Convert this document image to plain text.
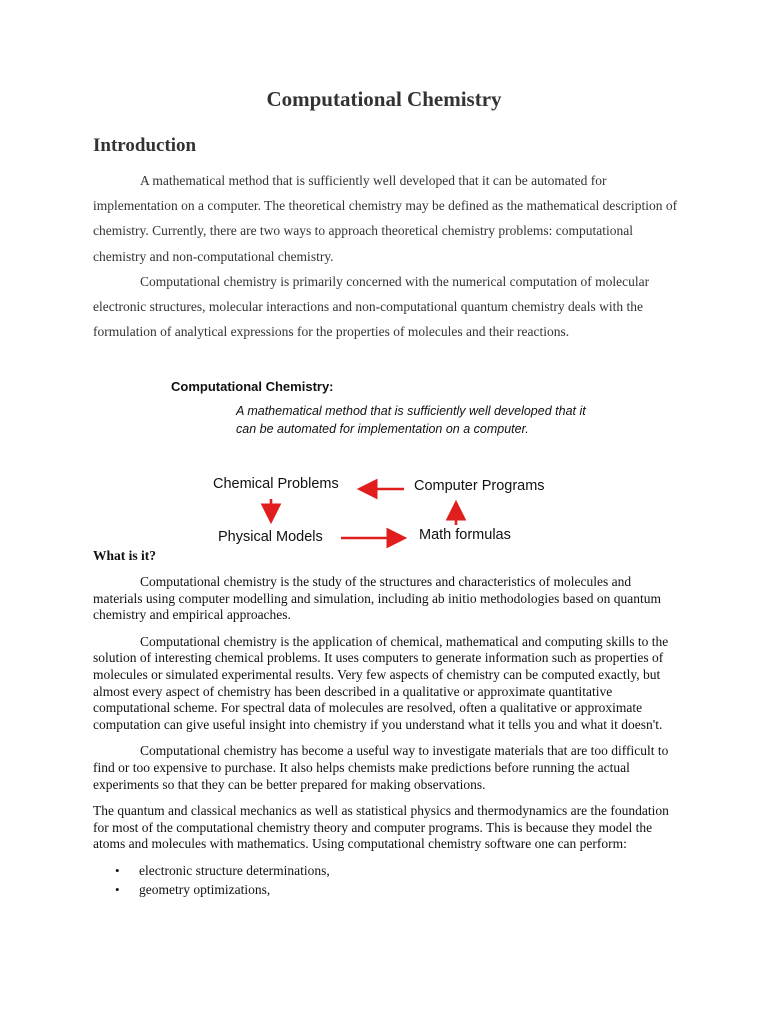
Computational Chemistry
Introduction

A mathematical method that is sufficiently well developed that it can be automated for implementation on a computer. The theoretical chemistry may be defined as the mathematical description of chemistry. Currently, there are two ways to approach theoretical chemistry problems: computational chemistry and non-computational chemistry.

Computational chemistry is primarily concerned with the numerical computation of molecular electronic structures, molecular interactions and non-computational quantum chemistry deals with the formulation of analytical expressions for the properties of molecules and their reactions.

Computational Chemistry:
A mathematical method that is sufficiently well developed that it can be automated for implementation on a computer.
Chemical Problems	Computer Programs
Physical Models	Math formulas
What is it?

Computational chemistry is the study of the structures and characteristics of molecules and materials using computer modelling and simulation, including ab initio methodologies based on quantum chemistry and empirical approaches.

Computational chemistry is the application of chemical, mathematical and computing skills to the solution of interesting chemical problems. It uses computers to generate information such as properties of molecules or simulated experimental results. Very few aspects of chemistry can be computed exactly, but almost every aspect of chemistry has been described in a qualitative or approximate quantitative computational scheme. For spectral data of molecules are resolved, often a qualitative or approximate computation can give useful insight into chemistry if you understand what it tells you and what it doesn't.

Computational chemistry has become a useful way to investigate materials that are too difficult to find or too expensive to purchase. It also helps chemists make predictions before running the actual experiments so that they can be better prepared for making observations.

The quantum and classical mechanics as well as statistical physics and thermodynamics are the foundation for most of the computational chemistry theory and computer programs. This is because they model the atoms and molecules with mathematics. Using computational chemistry software one can perform:

• electronic structure determinations,
• geometry optimizations,
